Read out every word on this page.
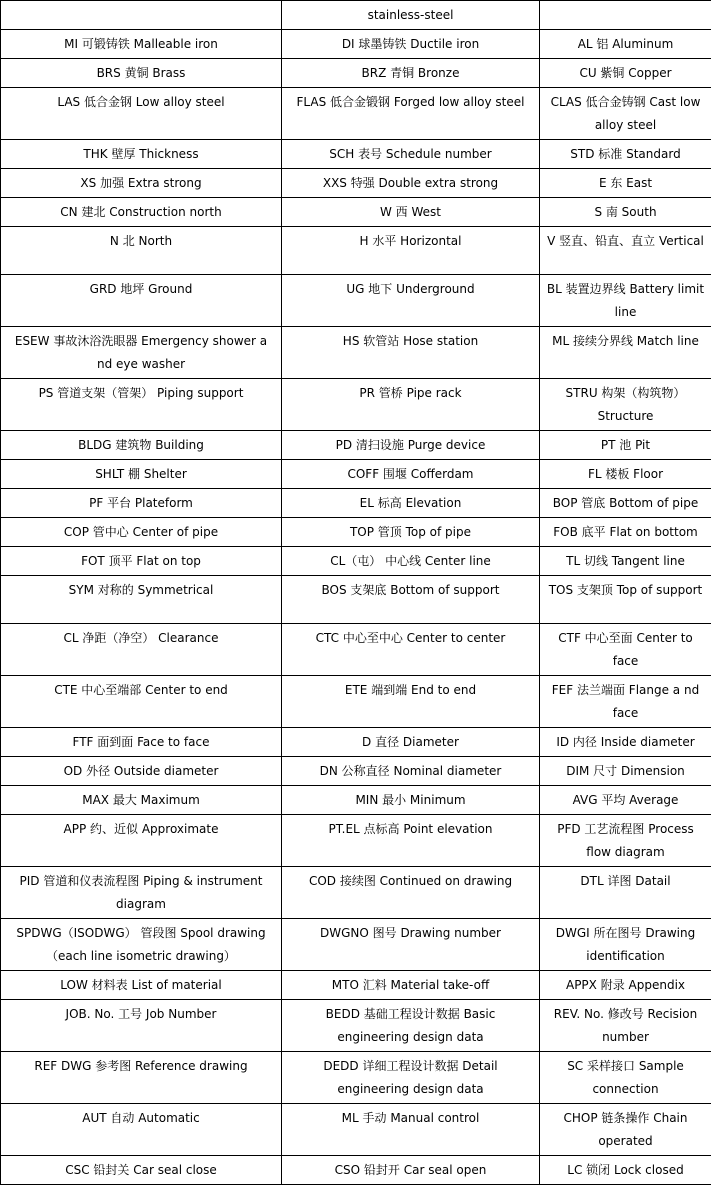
	stainless-steel	
MI 可锻铸铁 Malleable iron	DI 球墨铸铁 Ductile iron	AL 铝 Aluminum
BRS 黄铜 Brass	BRZ 青铜 Bronze	CU 紫铜 Copper
LAS 低合金钢 Low alloy steel	FLAS 低合金锻钢 Forged low alloy steel	CLAS 低合金铸钢 Cast low alloy steel
THK 壁厚 Thickness	SCH 表号 Schedule number	STD 标准 Standard
XS 加强 Extra strong	XXS 特强 Double extra strong	E 东 East
CN 建北 Construction north	W 西 West	S 南 South
N 北 North	H 水平 Horizontal	V 竖直、铅直、直立 Vertical
GRD 地坪 Ground	UG 地下 Underground	BL 装置边界线 Battery limit line
ESEW 事故沐浴洗眼器 Emergency shower a nd eye washer	HS 软管站 Hose station	ML 接续分界线 Match line
PS 管道支架（管架） Piping support	PR 管桥 Pipe rack	STRU 构架（构筑物） Structure
BLDG 建筑物 Building	PD 清扫设施 Purge device	PT 池 Pit
SHLT 棚 Shelter	COFF 围堰 Cofferdam	FL 楼板 Floor
PF 平台 Plateform	EL 标高 Elevation	BOP 管底 Bottom of pipe
COP 管中心 Center of pipe	TOP 管顶 Top of pipe	FOB 底平 Flat on bottom
FOT 顶平 Flat on top	CL（屯） 中心线 Center line	TL 切线 Tangent line
SYM 对称的 Symmetrical	BOS 支架底 Bottom of support	TOS 支架顶 Top of support
CL 净距（净空） Clearance	CTC 中心至中心 Center to center	CTF 中心至面 Center to face
CTE 中心至端部 Center to end	ETE 端到端 End to end	FEF 法兰端面 Flange a nd face
FTF 面到面 Face to face	D 直径 Diameter	ID 内径 Inside diameter
OD 外径 Outside diameter	DN 公称直径 Nominal diameter	DIM 尺寸 Dimension
MAX 最大 Maximum	MIN 最小 Minimum	AVG 平均 Average
APP 约、近似 Approximate	PT.EL 点标高 Point elevation	PFD 工艺流程图 Process flow diagram
PID 管道和仪表流程图 Piping & instrument diagram	COD 接续图 Continued on drawing	DTL 详图 Datail
SPDWG（ISODWG） 管段图 Spool drawing （each line isometric drawing）	DWGNO 图号 Drawing number	DWGI 所在图号 Drawing identification
LOW 材料表 List of material	MTO 汇料 Material take-off	APPX 附录 Appendix
JOB. No. 工号 Job Number	BEDD 基础工程设计数据 Basic engineering design data	REV. No. 修改号 Recision number
REF DWG 参考图 Reference drawing	DEDD 详细工程设计数据 Detail engineering design data	SC 采样接口 Sample connection
AUT 自动 Automatic	ML 手动 Manual control	CHOP 链条操作 Chain operated
CSC 铅封关 Car seal close	CSO 铅封开 Car seal open	LC 锁闭 Lock closed
